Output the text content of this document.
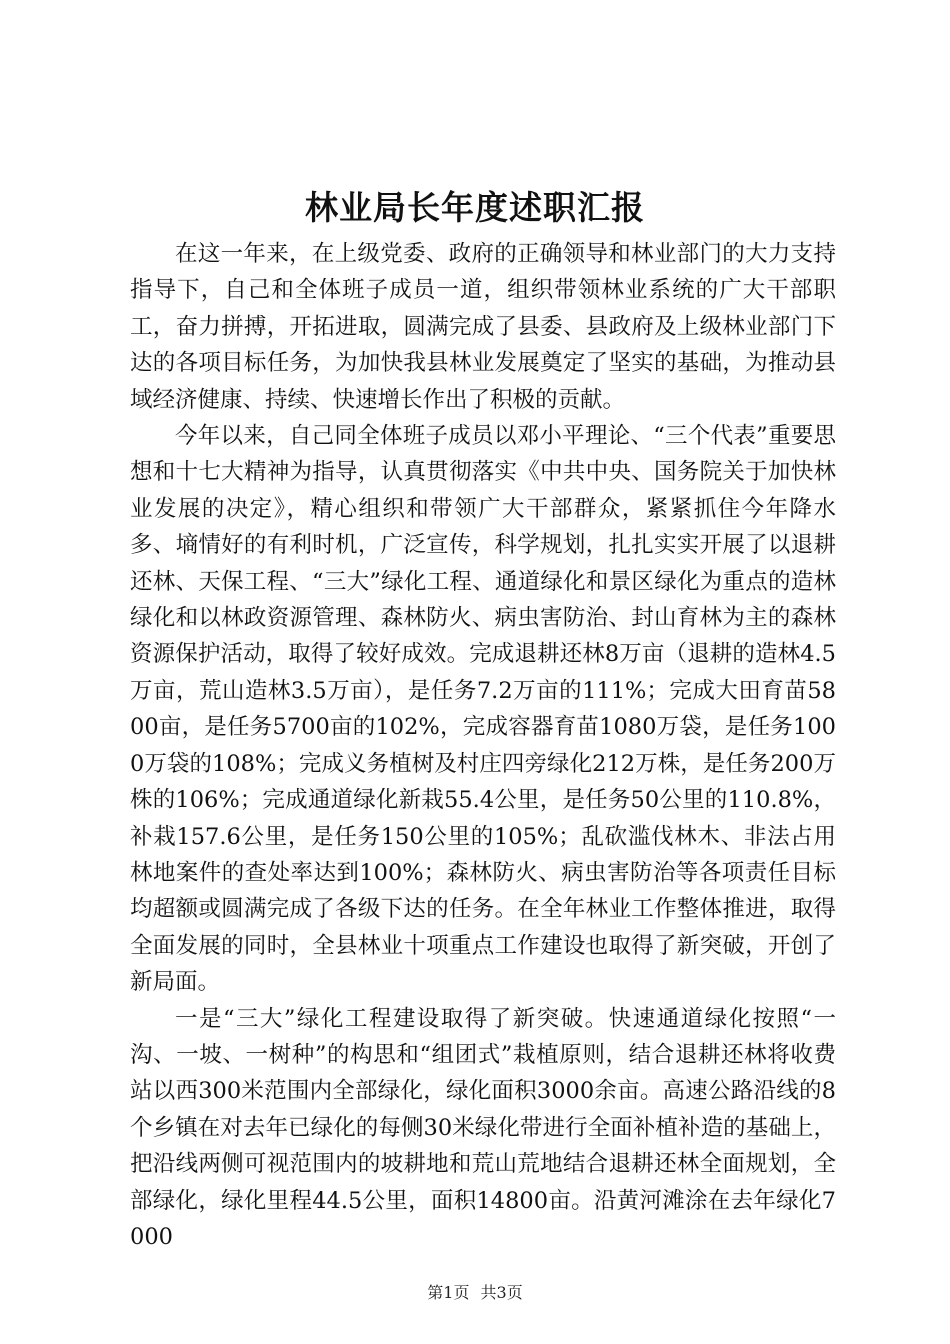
林业局长年度述职汇报

在这一年来，在上级党委、政府的正确领导和林业部门的大力支持指导下，自己和全体班子成员一道，组织带领林业系统的广大干部职工，奋力拼搏，开拓进取，圆满完成了县委、县政府及上级林业部门下达的各项目标任务，为加快我县林业发展奠定了坚实的基础，为推动县域经济健康、持续、快速增长作出了积极的贡献。

今年以来，自己同全体班子成员以邓小平理论、“三个代表”重要思想和十七大精神为指导，认真贯彻落实《中共中央、国务院关于加快林业发展的决定》，精心组织和带领广大干部群众，紧紧抓住今年降水多、墒情好的有利时机，广泛宣传，科学规划，扎扎实实开展了以退耕还林、天保工程、“三大”绿化工程、通道绿化和景区绿化为重点的造林绿化和以林政资源管理、森林防火、病虫害防治、封山育林为主的森林资源保护活动，取得了较好成效。完成退耕还林8万亩（退耕的造林4.5万亩，荒山造林3.5万亩），是任务7.2万亩的111%；完成大田育苗5800亩，是任务5700亩的102%，完成容器育苗1080万袋，是任务1000万袋的108%；完成义务植树及村庄四旁绿化212万株，是任务200万株的106%；完成通道绿化新栽55.4公里，是任务50公里的110.8%，补栽157.6公里，是任务150公里的105%；乱砍滥伐林木、非法占用林地案件的查处率达到100%；森林防火、病虫害防治等各项责任目标均超额或圆满完成了各级下达的任务。在全年林业工作整体推进，取得全面发展的同时，全县林业十项重点工作建设也取得了新突破，开创了新局面。

一是“三大”绿化工程建设取得了新突破。快速通道绿化按照“一沟、一坡、一树种”的构思和“组团式”栽植原则，结合退耕还林将收费站以西300米范围内全部绿化，绿化面积3000余亩。高速公路沿线的8个乡镇在对去年已绿化的每侧30米绿化带进行全面补植补造的基础上，把沿线两侧可视范围内的坡耕地和荒山荒地结合退耕还林全面规划，全部绿化，绿化里程44.5公里，面积14800亩。沿黄河滩涂在去年绿化7000

第1页 共3页
